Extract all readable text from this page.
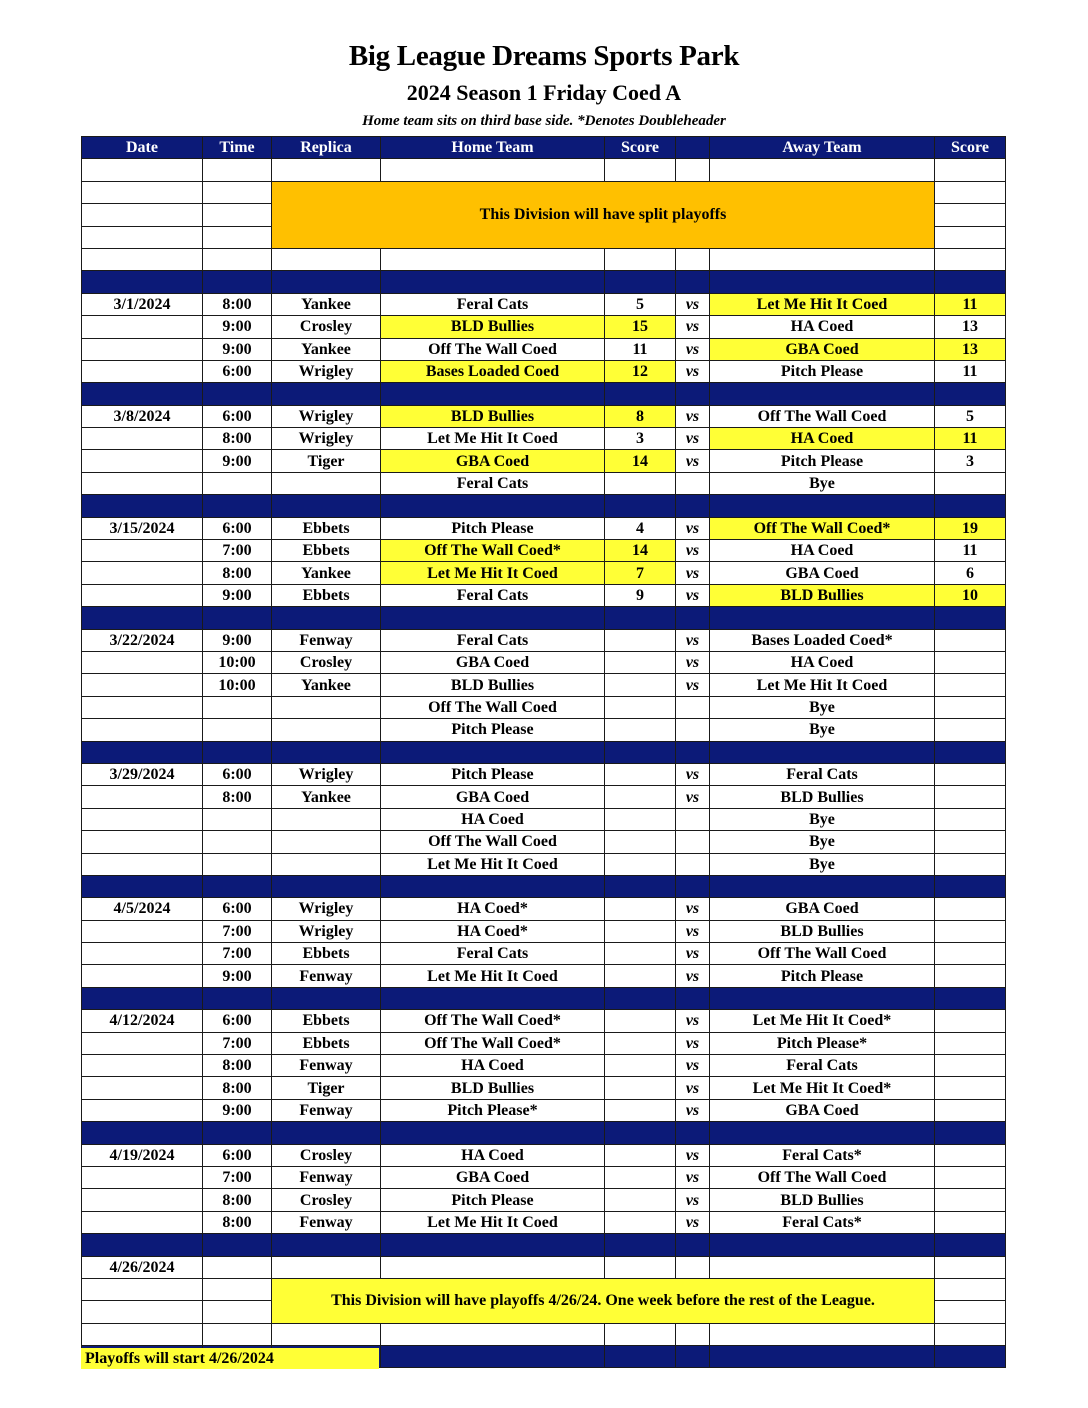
Big League Dreams Sports Park
2024 Season 1 Friday Coed A
Home team sits on third base side. *Denotes Doubleheader
Date	Time	Replica	Home Team	Score		Away Team	Score

		This Division will have split playoffs					

3/1/2024	8:00	Yankee	Feral Cats	5	vs	Let Me Hit It Coed	11
	9:00	Crosley	BLD Bullies	15	vs	HA Coed	13
	9:00	Yankee	Off The Wall Coed	11	vs	GBA Coed	13
	6:00	Wrigley	Bases Loaded Coed	12	vs	Pitch Please	11

3/8/2024	6:00	Wrigley	BLD Bullies	8	vs	Off The Wall Coed	5
	8:00	Wrigley	Let Me Hit It Coed	3	vs	HA Coed	11
	9:00	Tiger	GBA Coed	14	vs	Pitch Please	3
			Feral Cats			Bye	

3/15/2024	6:00	Ebbets	Pitch Please	4	vs	Off The Wall Coed*	19
	7:00	Ebbets	Off The Wall Coed*	14	vs	HA Coed	11
	8:00	Yankee	Let Me Hit It Coed	7	vs	GBA Coed	6
	9:00	Ebbets	Feral Cats	9	vs	BLD Bullies	10

3/22/2024	9:00	Fenway	Feral Cats		vs	Bases Loaded Coed*	
	10:00	Crosley	GBA Coed		vs	HA Coed	
	10:00	Yankee	BLD Bullies		vs	Let Me Hit It Coed	
			Off The Wall Coed			Bye	
			Pitch Please			Bye	

3/29/2024	6:00	Wrigley	Pitch Please		vs	Feral Cats	
	8:00	Yankee	GBA Coed		vs	BLD Bullies	
			HA Coed			Bye	
			Off The Wall Coed			Bye	
			Let Me Hit It Coed			Bye	

4/5/2024	6:00	Wrigley	HA Coed*		vs	GBA Coed	
	7:00	Wrigley	HA Coed*		vs	BLD Bullies	
	7:00	Ebbets	Feral Cats		vs	Off The Wall Coed	
	9:00	Fenway	Let Me Hit It Coed		vs	Pitch Please	

4/12/2024	6:00	Ebbets	Off The Wall Coed*		vs	Let Me Hit It Coed*	
	7:00	Ebbets	Off The Wall Coed*		vs	Pitch Please*	
	8:00	Fenway	HA Coed		vs	Feral Cats	
	8:00	Tiger	BLD Bullies		vs	Let Me Hit It Coed*	
	9:00	Fenway	Pitch Please*		vs	GBA Coed	

4/19/2024	6:00	Crosley	HA Coed		vs	Feral Cats*	
	7:00	Fenway	GBA Coed		vs	Off The Wall Coed	
	8:00	Crosley	Pitch Please		vs	BLD Bullies	
	8:00	Fenway	Let Me Hit It Coed		vs	Feral Cats*	

4/26/2024							
		This Division will have playoffs 4/26/24. One week before the rest of the League.					

Playoffs will start 4/26/2024
